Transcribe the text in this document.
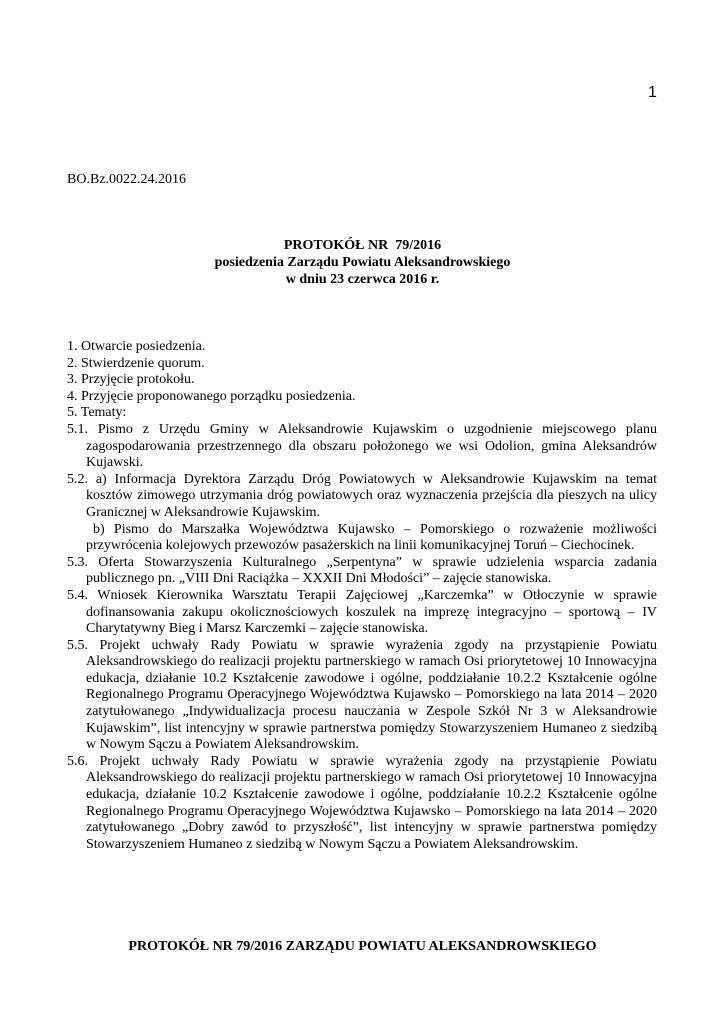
1
BO.Bz.0022.24.2016
PROTOKÓŁ NR  79/2016
posiedzenia Zarządu Powiatu Aleksandrowskiego
w dniu 23 czerwca 2016 r.
1. Otwarcie posiedzenia.
2. Stwierdzenie quorum.
3. Przyjęcie protokołu.
4. Przyjęcie proponowanego porządku posiedzenia.
5. Tematy:
5.1. Pismo z Urzędu Gminy w Aleksandrowie Kujawskim o uzgodnienie miejscowego planu zagospodarowania przestrzennego dla obszaru położonego we wsi Odolion, gmina Aleksandrów Kujawski.
5.2. a) Informacja Dyrektora Zarządu Dróg Powiatowych w Aleksandrowie Kujawskim na temat kosztów zimowego utrzymania dróg powiatowych oraz wyznaczenia przejścia dla pieszych na ulicy Granicznej w Aleksandrowie Kujawskim.
b) Pismo do Marszałka Województwa Kujawsko – Pomorskiego o rozważenie możliwości przywrócenia kolejowych przewozów pasażerskich na linii komunikacyjnej Toruń – Ciechocinek.
5.3. Oferta Stowarzyszenia Kulturalnego „Serpentyna” w sprawie udzielenia wsparcia zadania publicznego pn. „VIII Dni Raciążka – XXXII Dni Młodości” – zajęcie stanowiska.
5.4. Wniosek Kierownika Warsztatu Terapii Zajęciowej „Karczemka” w Otłoczynie w sprawie dofinansowania zakupu okolicznościowych koszulek na imprezę integracyjno – sportową – IV Charytatywny Bieg i Marsz Karczemki – zajęcie stanowiska.
5.5. Projekt uchwały Rady Powiatu w sprawie wyrażenia zgody na przystąpienie Powiatu Aleksandrowskiego do realizacji projektu partnerskiego w ramach Osi priorytetowej 10 Innowacyjna edukacja, działanie 10.2 Kształcenie zawodowe i ogólne, poddziałanie 10.2.2 Kształcenie ogólne Regionalnego Programu Operacyjnego Województwa Kujawsko – Pomorskiego na lata 2014 – 2020 zatytułowanego „Indywidualizacja procesu nauczania w Zespole Szkół Nr 3 w Aleksandrowie Kujawskim”, list intencyjny w sprawie partnerstwa pomiędzy Stowarzyszeniem Humaneo z siedzibą w Nowym Sączu a Powiatem Aleksandrowskim.
5.6. Projekt uchwały Rady Powiatu w sprawie wyrażenia zgody na przystąpienie Powiatu Aleksandrowskiego do realizacji projektu partnerskiego w ramach Osi priorytetowej 10 Innowacyjna edukacja, działanie 10.2 Kształcenie zawodowe i ogólne, poddziałanie 10.2.2 Kształcenie ogólne Regionalnego Programu Operacyjnego Województwa Kujawsko – Pomorskiego na lata 2014 – 2020 zatytułowanego „Dobry zawód to przyszłość”, list intencyjny w sprawie partnerstwa pomiędzy Stowarzyszeniem Humaneo z siedzibą w Nowym Sączu a Powiatem Aleksandrowskim.
PROTOKÓŁ NR 79/2016 ZARZĄDU POWIATU ALEKSANDROWSKIEGO
